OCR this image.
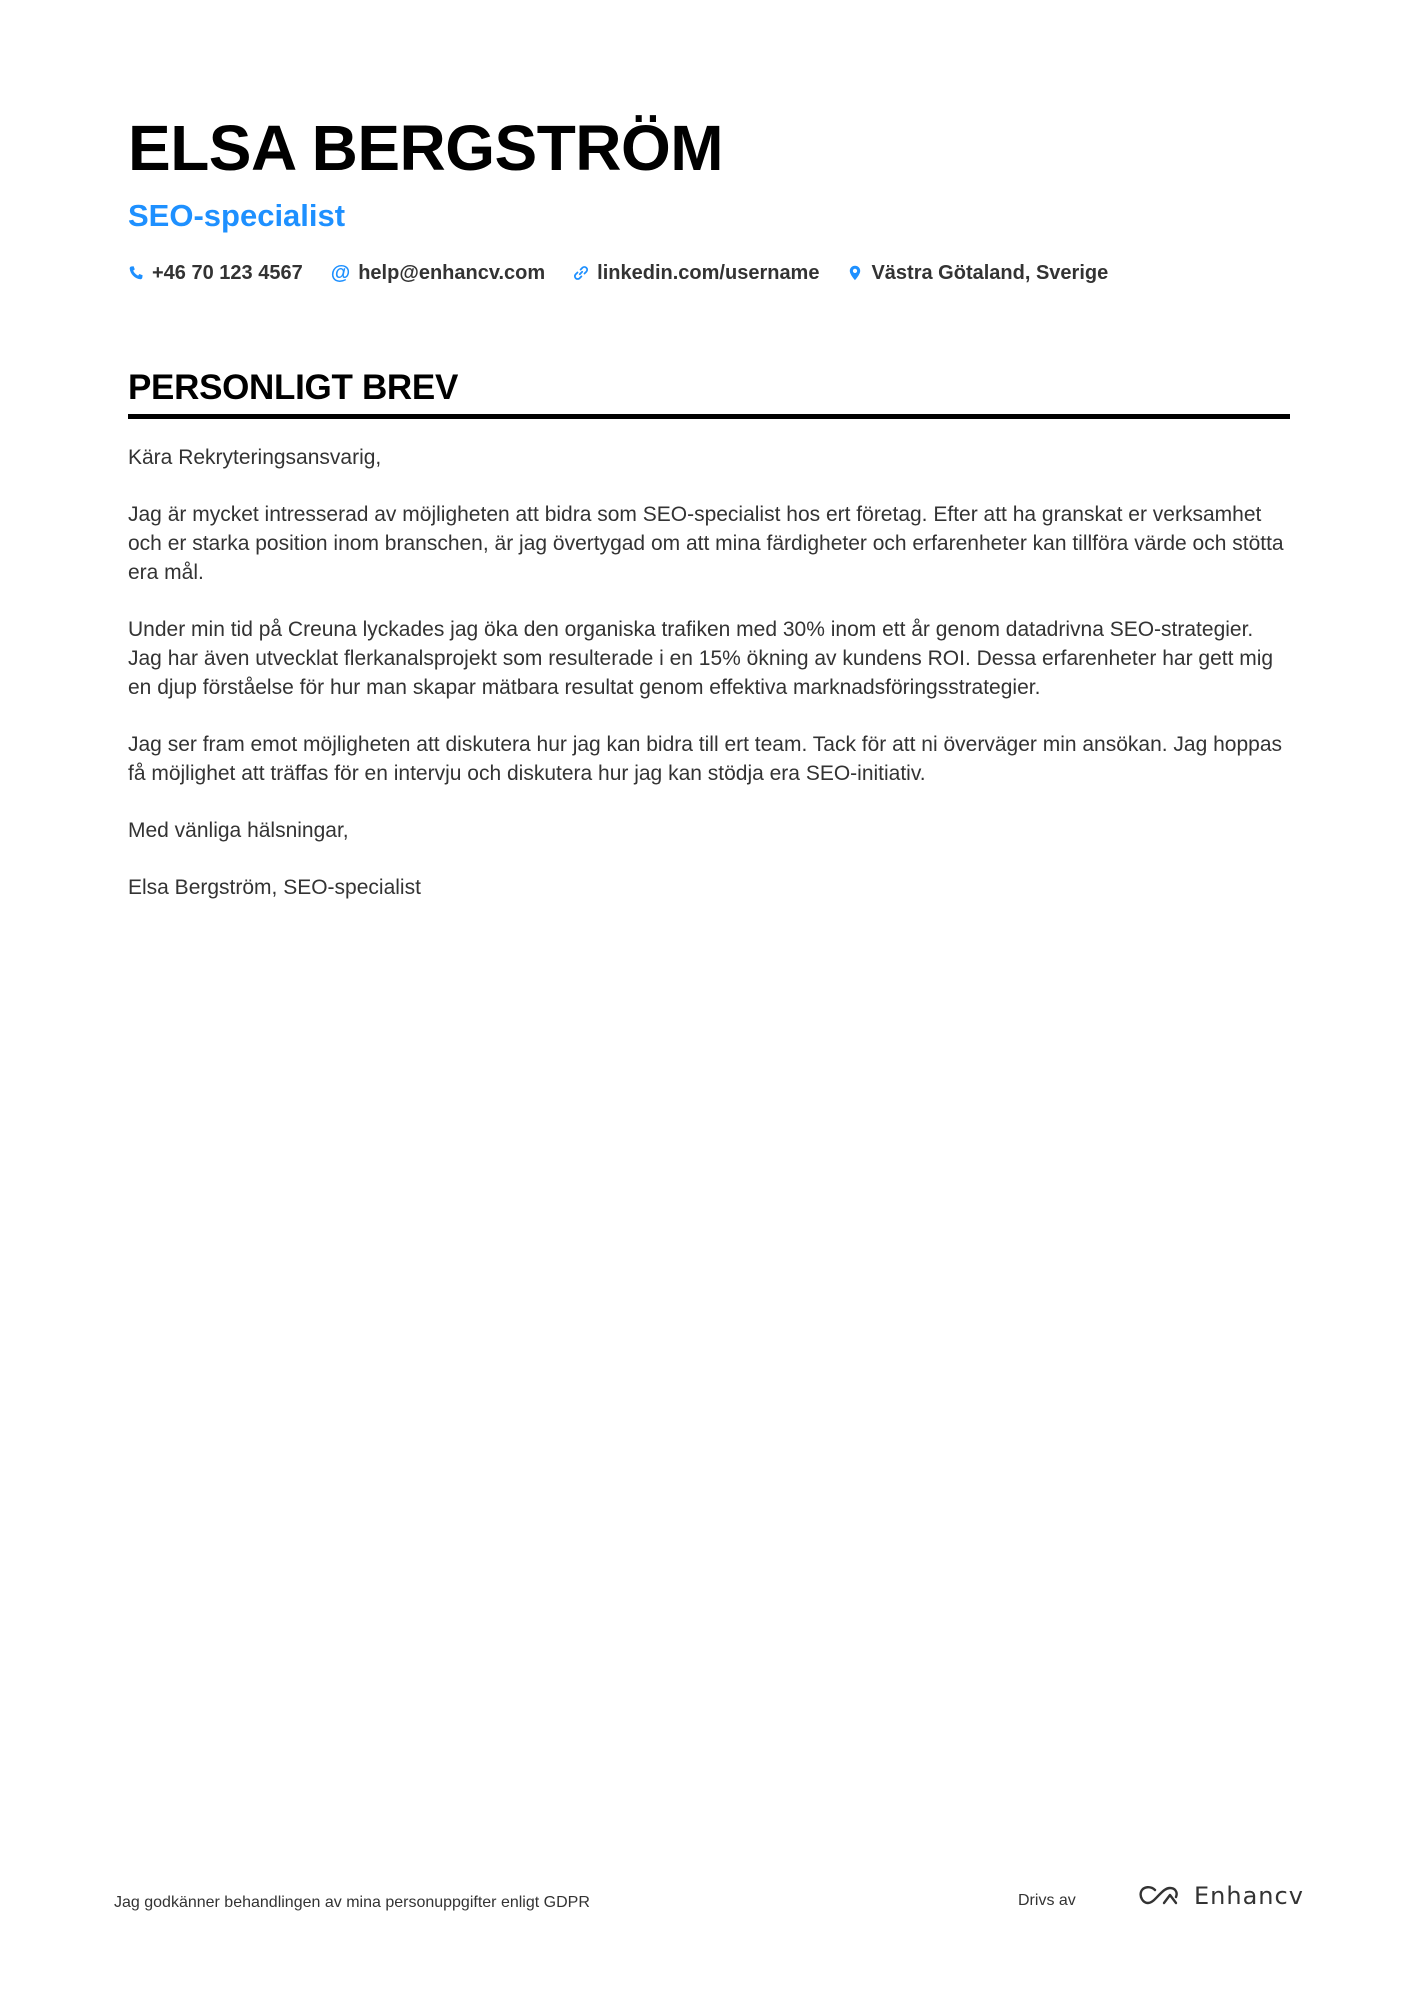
ELSA BERGSTRÖM
SEO-specialist
+46 70 123 4567 @ help@enhancv.com	linkedin.com/username	Västra Götaland, Sverige
PERSONLIGT BREV

Kära Rekryteringsansvarig,

Jag är mycket intresserad av möjligheten att bidra som SEO-specialist hos ert företag. Efter att ha granskat er verksamhet och er starka position inom branschen, är jag övertygad om att mina färdigheter och erfarenheter kan tillföra värde och stötta era mål.

Under min tid på Creuna lyckades jag öka den organiska trafiken med 30% inom ett år genom datadrivna SEO-strategier. Jag har även utvecklat flerkanalsprojekt som resulterade i en 15% ökning av kundens ROI. Dessa erfarenheter har gett mig en djup förståelse för hur man skapar mätbara resultat genom effektiva marknadsföringsstrategier.

Jag ser fram emot möjligheten att diskutera hur jag kan bidra till ert team. Tack för att ni överväger min ansökan. Jag hoppas få möjlighet att träffas för en intervju och diskutera hur jag kan stödja era SEO-initiativ.

Med vänliga hälsningar,

Elsa Bergström, SEO-specialist

Jag godkänner behandlingen av mina personuppgifter enligt GDPR	Drivs av	Enhancv
